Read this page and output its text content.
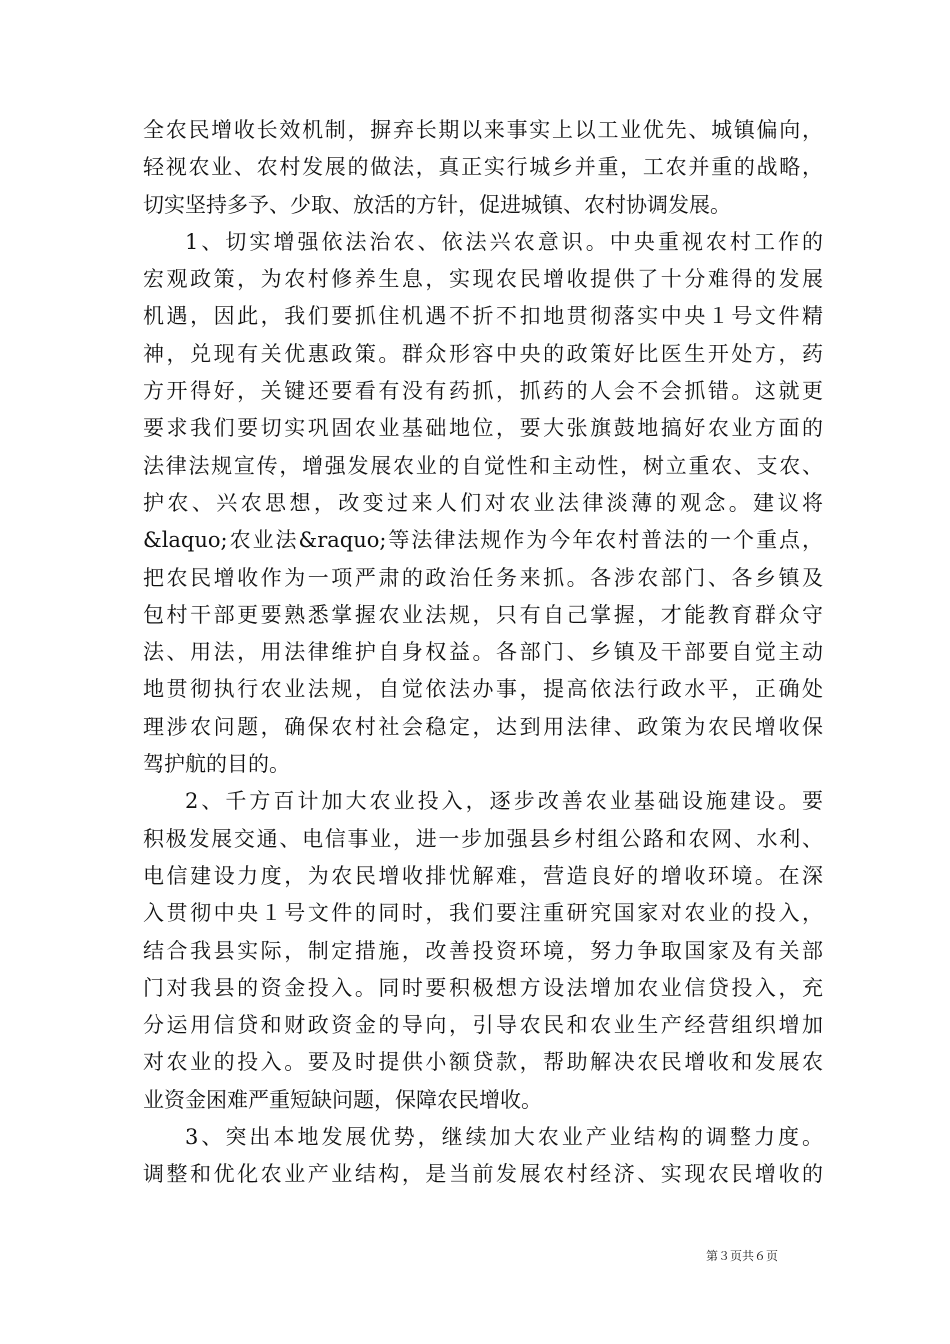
全农民增收长效机制，摒弃长期以来事实上以工业优先、城镇偏向，
轻视农业、农村发展的做法，真正实行城乡并重，工农并重的战略，
切实坚持多予、少取、放活的方针，促进城镇、农村协调发展。
1、切实增强依法治农、依法兴农意识。中央重视农村工作的
宏观政策，为农村修养生息，实现农民增收提供了十分难得的发展
机遇，因此，我们要抓住机遇不折不扣地贯彻落实中央１号文件精
神，兑现有关优惠政策。群众形容中央的政策好比医生开处方，药
方开得好，关键还要看有没有药抓，抓药的人会不会抓错。这就更
要求我们要切实巩固农业基础地位，要大张旗鼓地搞好农业方面的
法律法规宣传，增强发展农业的自觉性和主动性，树立重农、支农、
护农、兴农思想，改变过来人们对农业法律淡薄的观念。建议将
&laquo;农业法&raquo;等法律法规作为今年农村普法的一个重点，
把农民增收作为一项严肃的政治任务来抓。各涉农部门、各乡镇及
包村干部更要熟悉掌握农业法规，只有自己掌握，才能教育群众守
法、用法，用法律维护自身权益。各部门、乡镇及干部要自觉主动
地贯彻执行农业法规，自觉依法办事，提高依法行政水平，正确处
理涉农问题，确保农村社会稳定，达到用法律、政策为农民增收保
驾护航的目的。
2、千方百计加大农业投入，逐步改善农业基础设施建设。要
积极发展交通、电信事业，进一步加强县乡村组公路和农网、水利、
电信建设力度，为农民增收排忧解难，营造良好的增收环境。在深
入贯彻中央１号文件的同时，我们要注重研究国家对农业的投入，
结合我县实际，制定措施，改善投资环境，努力争取国家及有关部
门对我县的资金投入。同时要积极想方设法增加农业信贷投入，充
分运用信贷和财政资金的导向，引导农民和农业生产经营组织增加
对农业的投入。要及时提供小额贷款，帮助解决农民增收和发展农
业资金困难严重短缺问题，保障农民增收。
3、突出本地发展优势，继续加大农业产业结构的调整力度。
调整和优化农业产业结构，是当前发展农村经济、实现农民增收的
第３页共６页
